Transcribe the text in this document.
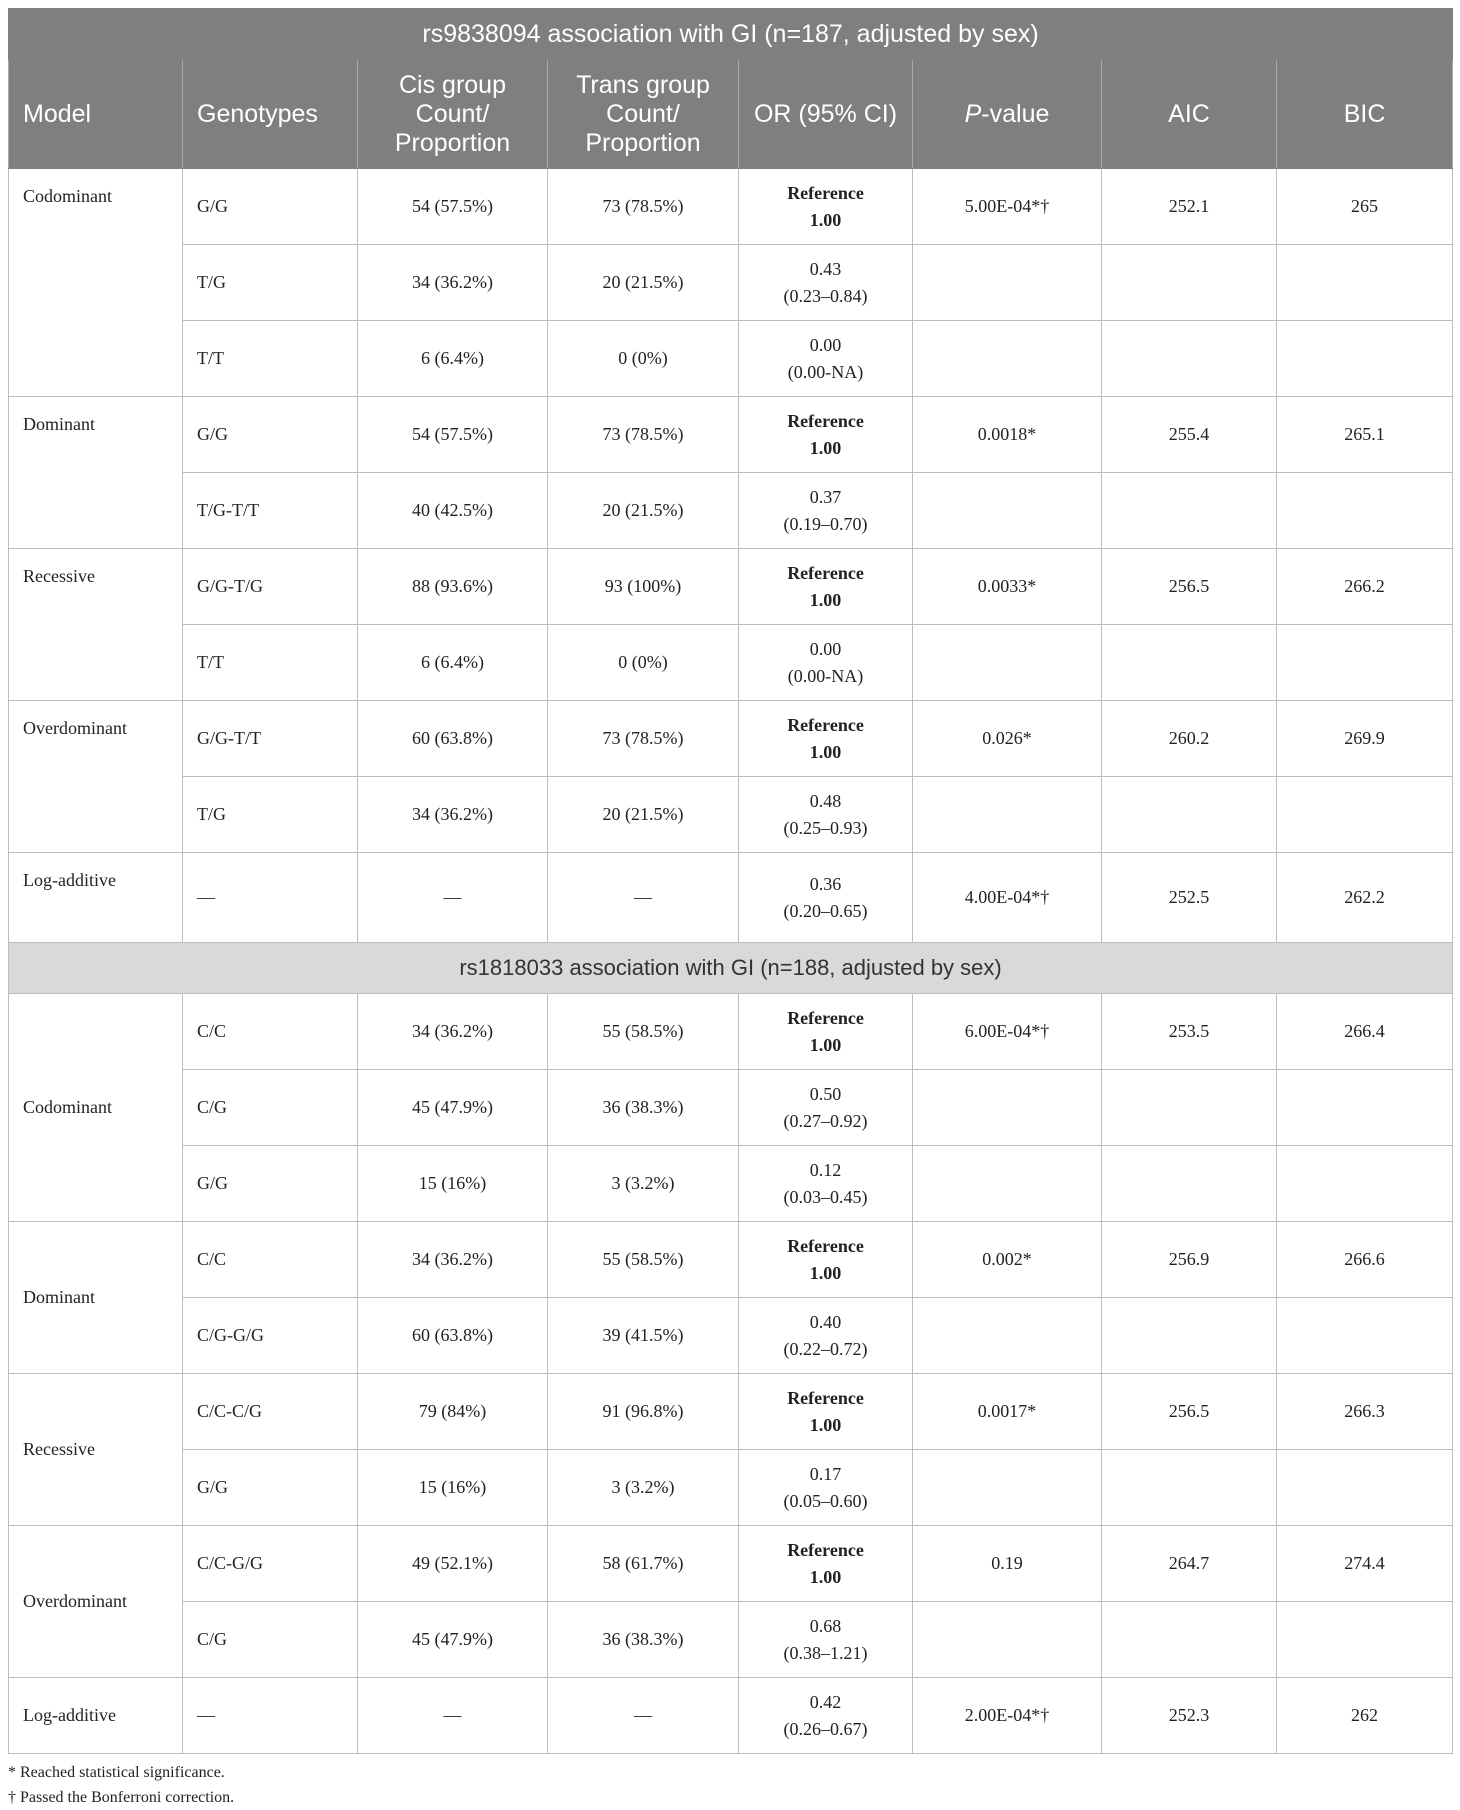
rs9838094 association with GI (n=187, adjusted by sex)							
Model	Genotypes	Cis group
Count/
Proportion	Trans group
Count/
Proportion	OR (95% CI)	P-value	AIC	BIC
Codominant	G/G	54 (57.5%)	73 (78.5%)	Reference
1.00	5.00E-04*†	252.1	265
	T/G	34 (36.2%)	20 (21.5%)	0.43
(0.23–0.84)			

	T/T	6 (6.4%)	0 (0%)	0.00
(0.00-NA)			

Dominant	G/G	54 (57.5%)	73 (78.5%)	Reference
1.00	0.0018*	255.4	265.1
	T/G-T/T	40 (42.5%)	20 (21.5%)	0.37
(0.19–0.70)			

Recessive	G/G-T/G	88 (93.6%)	93 (100%)	Reference
1.00	0.0033*	256.5	266.2
	T/T	6 (6.4%)	0 (0%)	0.00
(0.00-NA)			

Overdominant	G/G-T/T	60 (63.8%)	73 (78.5%)	Reference
1.00	0.026*	260.2	269.9
	T/G	34 (36.2%)	20 (21.5%)	0.48
(0.25–0.93)			

Log-additive	—	—	—	0.36
(0.20–0.65)	4.00E-04*†	252.5	262.2
rs1818033 association with GI (n=188, adjusted by sex)							
Codominant	C/C	34 (36.2%)	55 (58.5%)	Reference
1.00	6.00E-04*†	253.5	266.4
	C/G	45 (47.9%)	36 (38.3%)	0.50
(0.27–0.92)			

	G/G	15 (16%)	3 (3.2%)	0.12
(0.03–0.45)			

Dominant	C/C	34 (36.2%)	55 (58.5%)	Reference
1.00	0.002*	256.9	266.6
	C/G-G/G	60 (63.8%)	39 (41.5%)	0.40
(0.22–0.72)			

Recessive	C/C-C/G	79 (84%)	91 (96.8%)	Reference
1.00	0.0017*	256.5	266.3
	G/G	15 (16%)	3 (3.2%)	0.17
(0.05–0.60)			

Overdominant	C/C-G/G	49 (52.1%)	58 (61.7%)	Reference
1.00	0.19	264.7	274.4
	C/G	45 (47.9%)	36 (38.3%)	0.68
(0.38–1.21)			

Log-additive	—	—	—	0.42
(0.26–0.67)	2.00E-04*†	252.3	262
* Reached statistical significance.
† Passed the Bonferroni correction.
